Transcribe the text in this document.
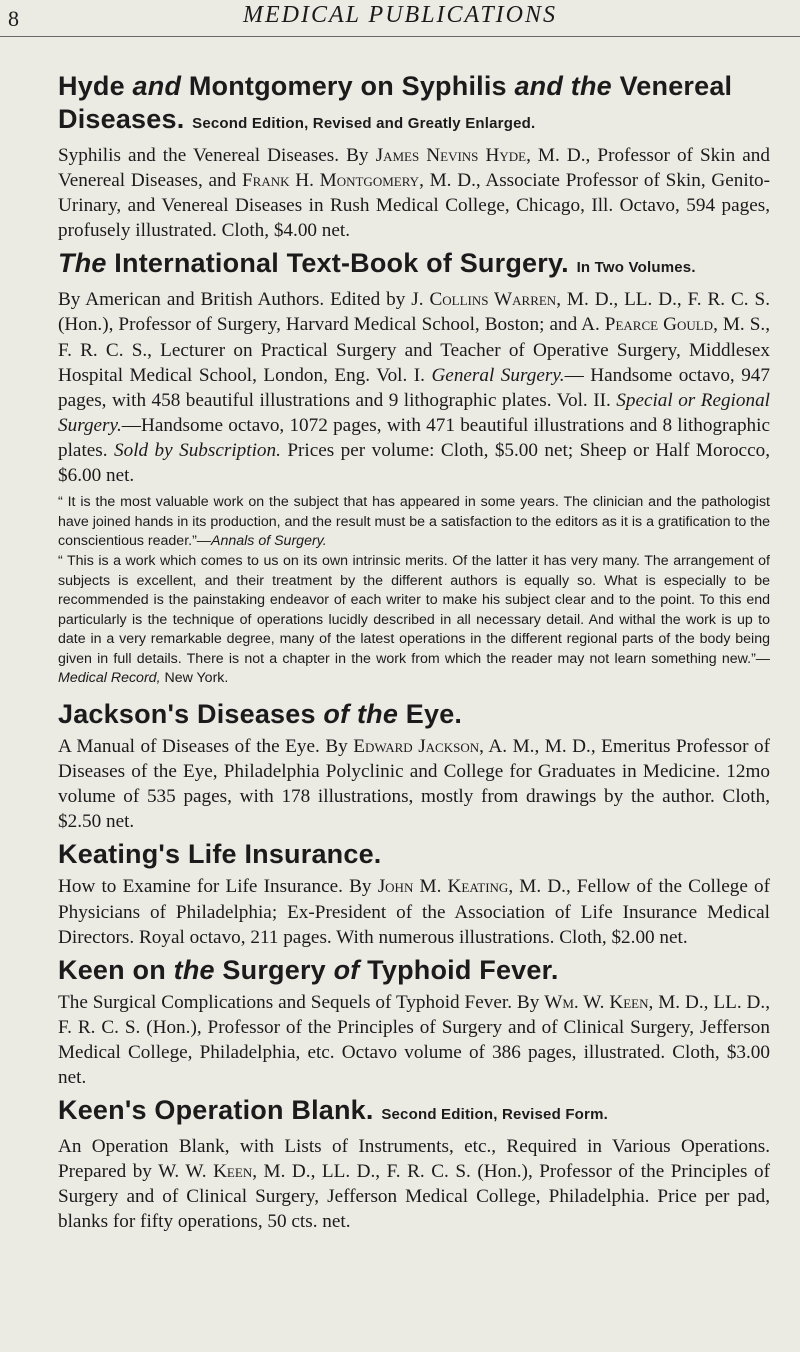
8	MEDICAL PUBLICATIONS

Hyde and Montgomery on Syphilis and the Venereal Diseases. Second Edition, Revised and Greatly Enlarged.

Syphilis and the Venereal Diseases. By James Nevins Hyde, M. D., Professor of Skin and Venereal Diseases, and Frank H. Montgomery, M. D., Associate Professor of Skin, Genito-Urinary, and Venereal Diseases in Rush Medical College, Chicago, Ill. Octavo, 594 pages, profusely illustrated. Cloth, $4.00 net.

The International Text-Book of Surgery. In Two Volumes.

By American and British Authors. Edited by J. Collins Warren, M. D., LL. D., F. R. C. S. (Hon.), Professor of Surgery, Harvard Medical School, Boston; and A. Pearce Gould, M. S., F. R. C. S., Lecturer on Practical Surgery and Teacher of Operative Surgery, Middlesex Hospital Medical School, London, Eng. Vol. I. General Surgery.— Handsome octavo, 947 pages, with 458 beautiful illustrations and 9 lithographic plates. Vol. II. Special or Regional Surgery.—Handsome octavo, 1072 pages, with 471 beautiful illustrations and 8 lithographic plates. Sold by Subscription. Prices per volume: Cloth, $5.00 net; Sheep or Half Morocco, $6.00 net.

“ It is the most valuable work on the subject that has appeared in some years. The clinician and the pathologist have joined hands in its production, and the result must be a satisfaction to the editors as it is a gratification to the conscientious reader.”—Annals of Surgery.

“ This is a work which comes to us on its own intrinsic merits. Of the latter it has very many. The arrangement of subjects is excellent, and their treatment by the different authors is equally so. What is especially to be recommended is the painstaking endeavor of each writer to make his subject clear and to the point. To this end particularly is the technique of operations lucidly described in all necessary detail. And withal the work is up to date in a very remarkable degree, many of the latest operations in the different regional parts of the body being given in full details. There is not a chapter in the work from which the reader may not learn something new.”—Medical Record, New York.

Jackson's Diseases of the Eye.

A Manual of Diseases of the Eye. By Edward Jackson, A. M., M. D., Emeritus Professor of Diseases of the Eye, Philadelphia Polyclinic and College for Graduates in Medicine. 12mo volume of 535 pages, with 178 illustrations, mostly from drawings by the author. Cloth, $2.50 net.

Keating's Life Insurance.

How to Examine for Life Insurance. By John M. Keating, M. D., Fellow of the College of Physicians of Philadelphia; Ex-President of the Association of Life Insurance Medical Directors. Royal octavo, 211 pages. With numerous illustrations. Cloth, $2.00 net.

Keen on the Surgery of Typhoid Fever.

The Surgical Complications and Sequels of Typhoid Fever. By Wm. W. Keen, M. D., LL. D., F. R. C. S. (Hon.), Professor of the Principles of Surgery and of Clinical Surgery, Jefferson Medical College, Philadelphia, etc. Octavo volume of 386 pages, illustrated. Cloth, $3.00 net.

Keen's Operation Blank. Second Edition, Revised Form.

An Operation Blank, with Lists of Instruments, etc., Required in Various Operations. Prepared by W. W. Keen, M. D., LL. D., F. R. C. S. (Hon.), Professor of the Principles of Surgery and of Clinical Surgery, Jefferson Medical College, Philadelphia. Price per pad, blanks for fifty operations, 50 cts. net.
